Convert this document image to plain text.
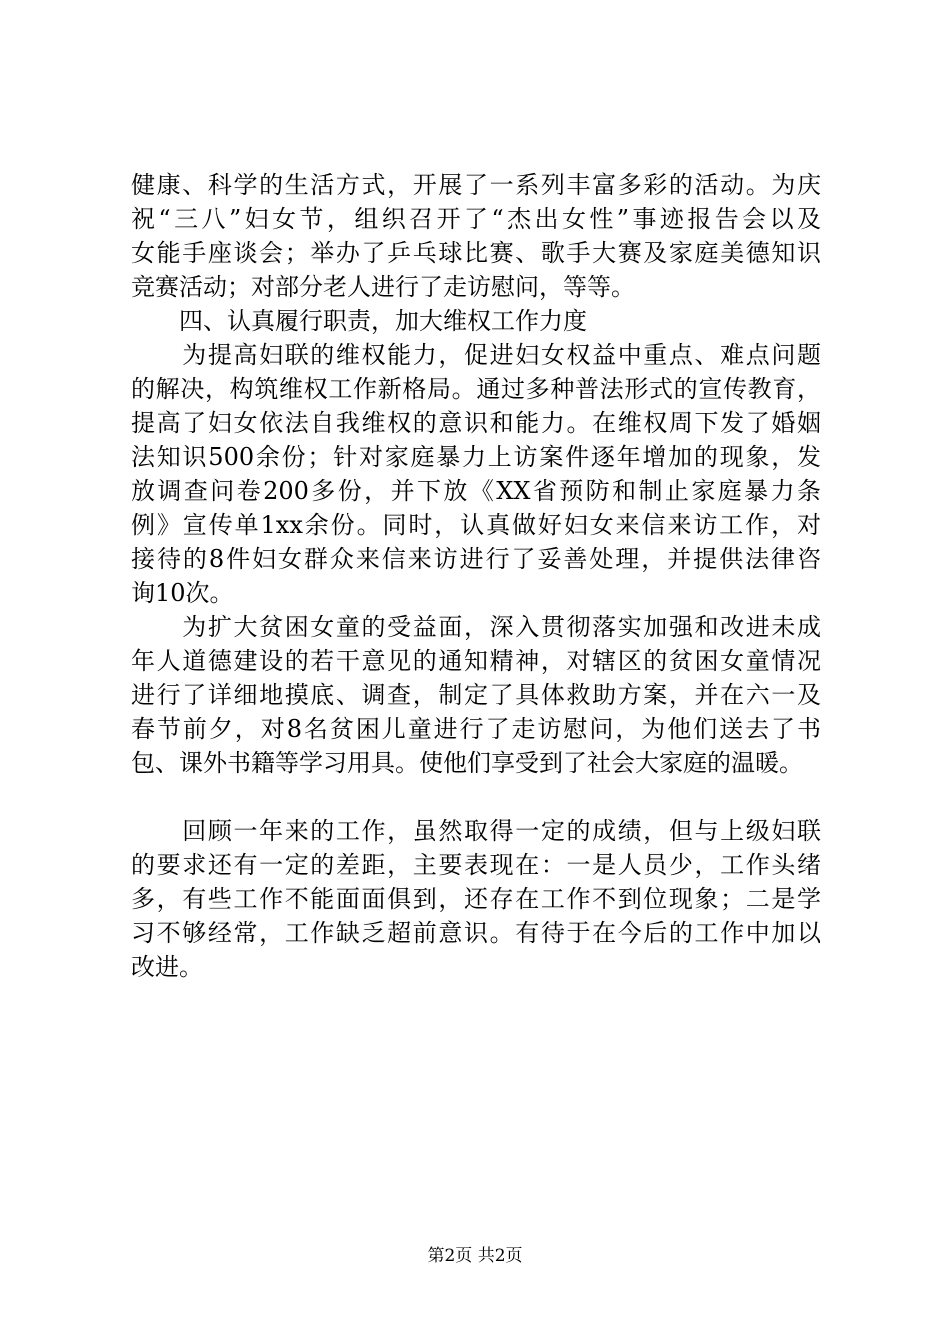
健康、科学的生活方式，开展了一系列丰富多彩的活动。为庆
祝“三八”妇女节，组织召开了“杰出女性”事迹报告会以及
女能手座谈会；举办了乒乓球比赛、歌手大赛及家庭美德知识
竞赛活动；对部分老人进行了走访慰问，等等。
　　四、认真履行职责，加大维权工作力度
　　为提高妇联的维权能力，促进妇女权益中重点、难点问题
的解决，构筑维权工作新格局。通过多种普法形式的宣传教育，
提高了妇女依法自我维权的意识和能力。在维权周下发了婚姻
法知识500余份；针对家庭暴力上访案件逐年增加的现象，发
放调查问卷200多份，并下放《XX省预防和制止家庭暴力条
例》宣传单1xx余份。同时，认真做好妇女来信来访工作，对
接待的8件妇女群众来信来访进行了妥善处理，并提供法律咨
询10次。
　　为扩大贫困女童的受益面，深入贯彻落实加强和改进未成
年人道德建设的若干意见的通知精神，对辖区的贫困女童情况
进行了详细地摸底、调查，制定了具体救助方案，并在六一及
春节前夕，对8名贫困儿童进行了走访慰问，为他们送去了书
包、课外书籍等学习用具。使他们享受到了社会大家庭的温暖。
　　回顾一年来的工作，虽然取得一定的成绩，但与上级妇联
的要求还有一定的差距，主要表现在：一是人员少，工作头绪
多，有些工作不能面面俱到，还存在工作不到位现象；二是学
习不够经常，工作缺乏超前意识。有待于在今后的工作中加以
改进。
第2页 共2页
